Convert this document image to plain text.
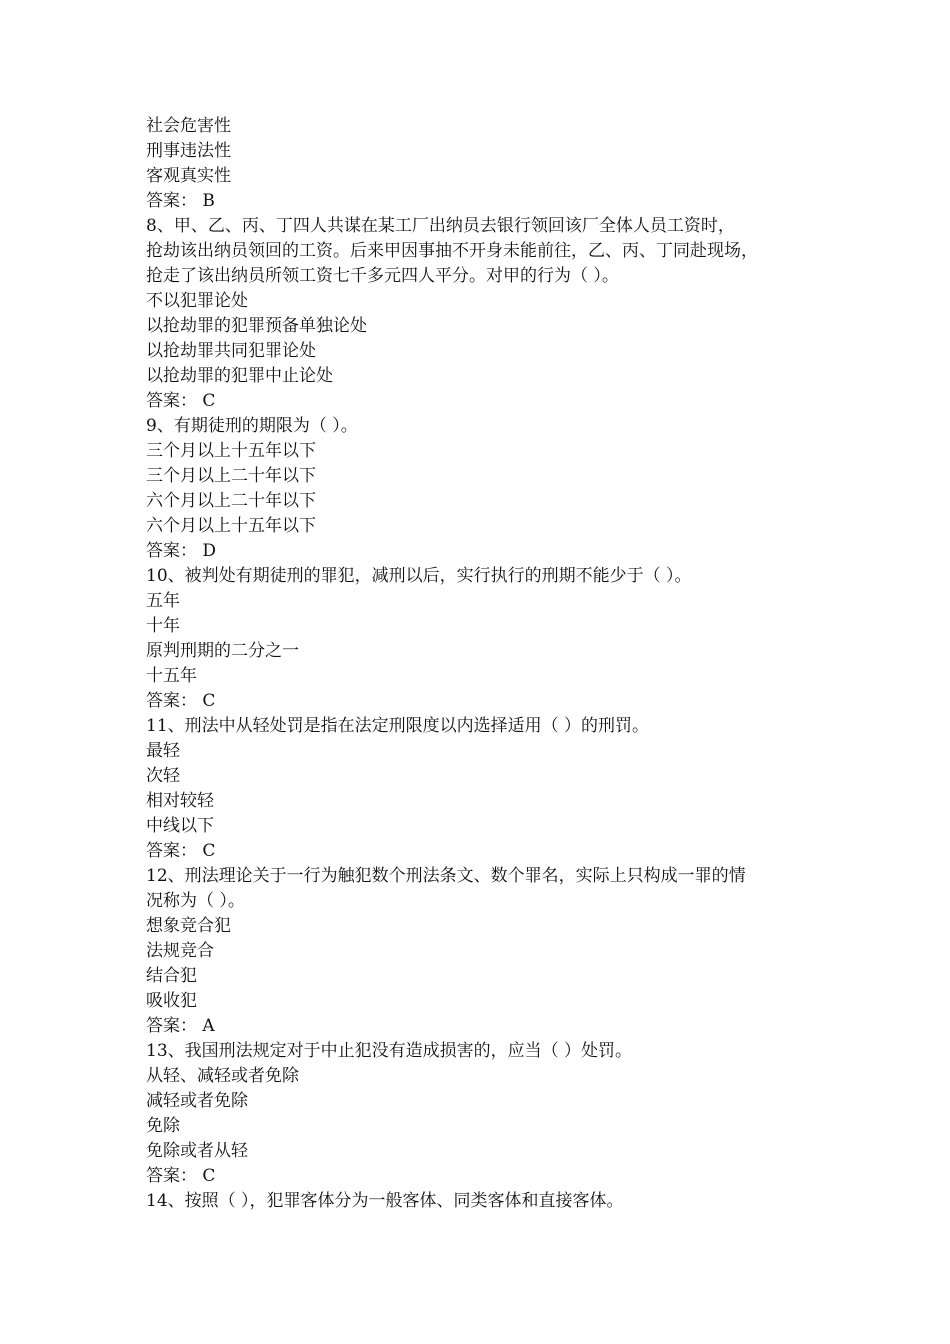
社会危害性
刑事违法性
客观真实性
答案： B
8、甲、乙、丙、丁四人共谋在某工厂出纳员去银行领回该厂全体人员工资时，
抢劫该出纳员领回的工资。后来甲因事抽不开身未能前往，乙、丙、丁同赴现场，
抢走了该出纳员所领工资七千多元四人平分。对甲的行为（ ）。
不以犯罪论处
以抢劫罪的犯罪预备单独论处
以抢劫罪共同犯罪论处
以抢劫罪的犯罪中止论处
答案： C
9、有期徒刑的期限为（ ）。
三个月以上十五年以下
三个月以上二十年以下
六个月以上二十年以下
六个月以上十五年以下
答案： D
10、被判处有期徒刑的罪犯，减刑以后，实行执行的刑期不能少于（ ）。
五年
十年
原判刑期的二分之一
十五年
答案： C
11、刑法中从轻处罚是指在法定刑限度以内选择适用（ ）的刑罚。
最轻
次轻
相对较轻
中线以下
答案： C
12、刑法理论关于一行为触犯数个刑法条文、数个罪名，实际上只构成一罪的情
况称为（ ）。
想象竞合犯
法规竞合
结合犯
吸收犯
答案： A
13、我国刑法规定对于中止犯没有造成损害的，应当（ ）处罚。
从轻、减轻或者免除
减轻或者免除
免除
免除或者从轻
答案： C
14、按照（ ），犯罪客体分为一般客体、同类客体和直接客体。
